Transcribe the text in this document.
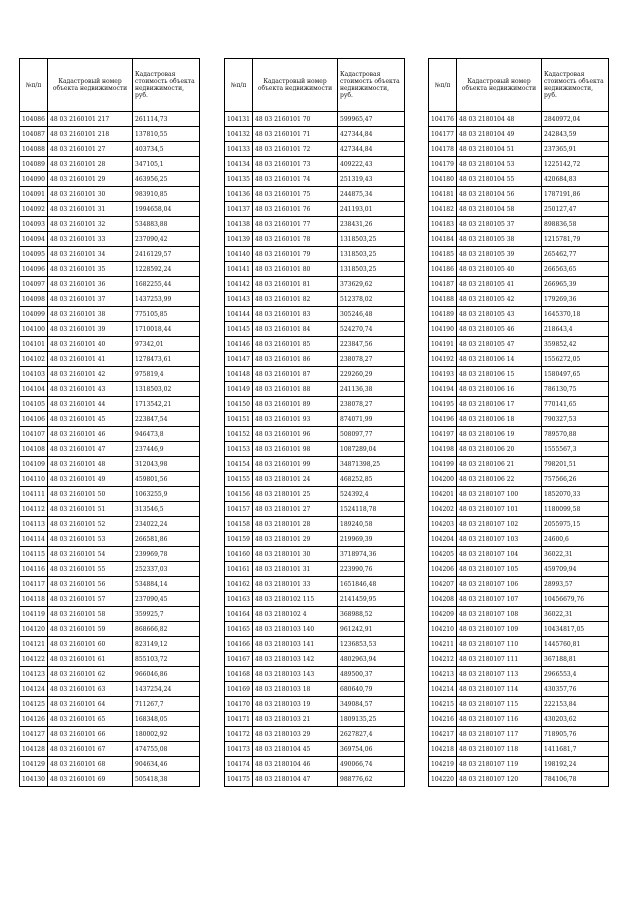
№п/п	Кадастровый номер объекта недвижимости	Кадастровая стоимость объекта недвижимости, руб.
104086	48 03 2160101 217	261114,73
104087	48 03 2160101 218	137810,55
104088	48 03 2160101 27	403734,5
104089	48 03 2160101 28	347105,1
104090	48 03 2160101 29	463956,25
104091	48 03 2160101 30	983910,85
104092	48 03 2160101 31	1994658,04
104093	48 03 2160101 32	534883,88
104094	48 03 2160101 33	237090,42
104095	48 03 2160101 34	2416129,57
104096	48 03 2160101 35	1228592,24
104097	48 03 2160101 36	1682255,44
104098	48 03 2160101 37	1437253,99
104099	48 03 2160101 38	775105,85
104100	48 03 2160101 39	1710018,44
104101	48 03 2160101 40	97342,01
104102	48 03 2160101 41	1278473,61
104103	48 03 2160101 42	975819,4
104104	48 03 2160101 43	1318503,02
104105	48 03 2160101 44	1713542,21
104106	48 03 2160101 45	223847,54
104107	48 03 2160101 46	946473,8
104108	48 03 2160101 47	237446,9
104109	48 03 2160101 48	312043,98
104110	48 03 2160101 49	459801,56
104111	48 03 2160101 50	1063255,9
104112	48 03 2160101 51	313546,5
104113	48 03 2160101 52	234022,24
104114	48 03 2160101 53	266581,86
104115	48 03 2160101 54	239969,78
104116	48 03 2160101 55	252337,03
104117	48 03 2160101 56	534884,14
104118	48 03 2160101 57	237090,45
104119	48 03 2160101 58	359925,7
104120	48 03 2160101 59	868666,82
104121	48 03 2160101 60	823149,12
104122	48 03 2160101 61	855103,72
104123	48 03 2160101 62	966046,86
104124	48 03 2160101 63	1437254,24
104125	48 03 2160101 64	711267,7
104126	48 03 2160101 65	168348,05
104127	48 03 2160101 66	180002,92
104128	48 03 2160101 67	474755,08
104129	48 03 2160101 68	904634,46
104130	48 03 2160101 69	505418,38
№п/п	Кадастровый номер объекта недвижимости	Кадастровая стоимость объекта недвижимости, руб.
104131	48 03 2160101 70	599965,47
104132	48 03 2160101 71	427344,84
104133	48 03 2160101 72	427344,84
104134	48 03 2160101 73	409222,43
104135	48 03 2160101 74	251319,43
104136	48 03 2160101 75	244875,34
104137	48 03 2160101 76	241193,01
104138	48 03 2160101 77	238431,26
104139	48 03 2160101 78	1318503,25
104140	48 03 2160101 79	1318503,25
104141	48 03 2160101 80	1318503,25
104142	48 03 2160101 81	373629,62
104143	48 03 2160101 82	512378,02
104144	48 03 2160101 83	305246,48
104145	48 03 2160101 84	524270,74
104146	48 03 2160101 85	223847,56
104147	48 03 2160101 86	238078,27
104148	48 03 2160101 87	229260,29
104149	48 03 2160101 88	241136,38
104150	48 03 2160101 89	238078,27
104151	48 03 2160101 93	874071,99
104152	48 03 2160101 96	508097,77
104153	48 03 2160101 98	1087289,04
104154	48 03 2160101 99	34871398,25
104155	48 03 2180101 24	468252,85
104156	48 03 2180101 25	524392,4
104157	48 03 2180101 27	1524118,78
104158	48 03 2180101 28	189240,58
104159	48 03 2180101 29	219969,39
104160	48 03 2180101 30	3718974,36
104161	48 03 2180101 31	223990,76
104162	48 03 2180101 33	1651846,48
104163	48 03 2180102 115	2141459,95
104164	48 03 2180102 4	368988,52
104165	48 03 2180103 140	961242,91
104166	48 03 2180103 141	1236853,53
104167	48 03 2180103 142	4802963,94
104168	48 03 2180103 143	489500,37
104169	48 03 2180103 18	680640,79
104170	48 03 2180103 19	349084,57
104171	48 03 2180103 21	1809135,25
104172	48 03 2180103 29	2627827,4
104173	48 03 2180104 45	369754,06
104174	48 03 2180104 46	490066,74
104175	48 03 2180104 47	988776,62
№п/п	Кадастровый номер объекта недвижимости	Кадастровая стоимость объекта недвижимости, руб.
104176	48 03 2180104 48	2840972,04
104177	48 03 2180104 49	242843,59
104178	48 03 2180104 51	237365,91
104179	48 03 2180104 53	1225142,72
104180	48 03 2180104 55	420684,83
104181	48 03 2180104 56	1787191,86
104182	48 03 2180104 58	250127,47
104183	48 03 2180105 37	898836,58
104184	48 03 2180105 38	1215781,79
104185	48 03 2180105 39	265462,77
104186	48 03 2180105 40	266563,65
104187	48 03 2180105 41	266965,39
104188	48 03 2180105 42	179269,36
104189	48 03 2180105 43	1645370,18
104190	48 03 2180105 46	218643,4
104191	48 03 2180105 47	359852,42
104192	48 03 2180106 14	1556272,05
104193	48 03 2180106 15	1580497,65
104194	48 03 2180106 16	786130,75
104195	48 03 2180106 17	770141,65
104196	48 03 2180106 18	790327,53
104197	48 03 2180106 19	789570,88
104198	48 03 2180106 20	1555567,3
104199	48 03 2180106 21	798201,51
104200	48 03 2180106 22	757566,26
104201	48 03 2180107 100	1852070,33
104202	48 03 2180107 101	1180099,58
104203	48 03 2180107 102	2055975,15
104204	48 03 2180107 103	24600,6
104205	48 03 2180107 104	36022,31
104206	48 03 2180107 105	459709,94
104207	48 03 2180107 106	28993,57
104208	48 03 2180107 107	10456679,76
104209	48 03 2180107 108	36022,31
104210	48 03 2180107 109	10434817,05
104211	48 03 2180107 110	1445760,81
104212	48 03 2180107 111	367188,81
104213	48 03 2180107 113	2966553,4
104214	48 03 2180107 114	430357,76
104215	48 03 2180107 115	222153,84
104216	48 03 2180107 116	430203,62
104217	48 03 2180107 117	718905,76
104218	48 03 2180107 118	1411681,7
104219	48 03 2180107 119	198192,24
104220	48 03 2180107 120	784106,78
